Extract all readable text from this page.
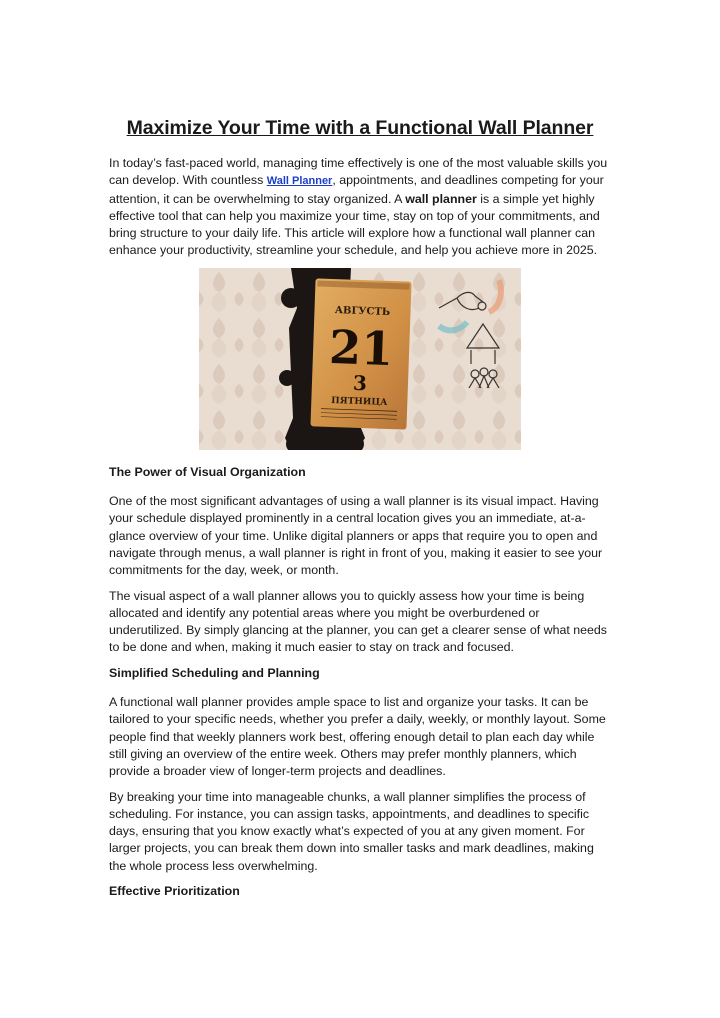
Maximize Your Time with a Functional Wall Planner

In today’s fast-paced world, managing time effectively is one of the most valuable skills you can develop. With countless Wall Planner, appointments, and deadlines competing for your attention, it can be overwhelming to stay organized. A wall planner is a simple yet highly effective tool that can help you maximize your time, stay on top of your commitments, and bring structure to your daily life. This article will explore how a functional wall planner can enhance your productivity, streamline your schedule, and help you achieve more in 2025.

АВГУСТЬ
21
3
ПЯТНИЦА

The Power of Visual Organization

One of the most significant advantages of using a wall planner is its visual impact. Having your schedule displayed prominently in a central location gives you an immediate, at-a-glance overview of your time. Unlike digital planners or apps that require you to open and navigate through menus, a wall planner is right in front of you, making it easier to see your commitments for the day, week, or month.

The visual aspect of a wall planner allows you to quickly assess how your time is being allocated and identify any potential areas where you might be overburdened or underutilized. By simply glancing at the planner, you can get a clearer sense of what needs to be done and when, making it much easier to stay on track and focused.

Simplified Scheduling and Planning

A functional wall planner provides ample space to list and organize your tasks. It can be tailored to your specific needs, whether you prefer a daily, weekly, or monthly layout. Some people find that weekly planners work best, offering enough detail to plan each day while still giving an overview of the entire week. Others may prefer monthly planners, which provide a broader view of longer-term projects and deadlines.

By breaking your time into manageable chunks, a wall planner simplifies the process of scheduling. For instance, you can assign tasks, appointments, and deadlines to specific days, ensuring that you know exactly what’s expected of you at any given moment. For larger projects, you can break them down into smaller tasks and mark deadlines, making the whole process less overwhelming.

Effective Prioritization
